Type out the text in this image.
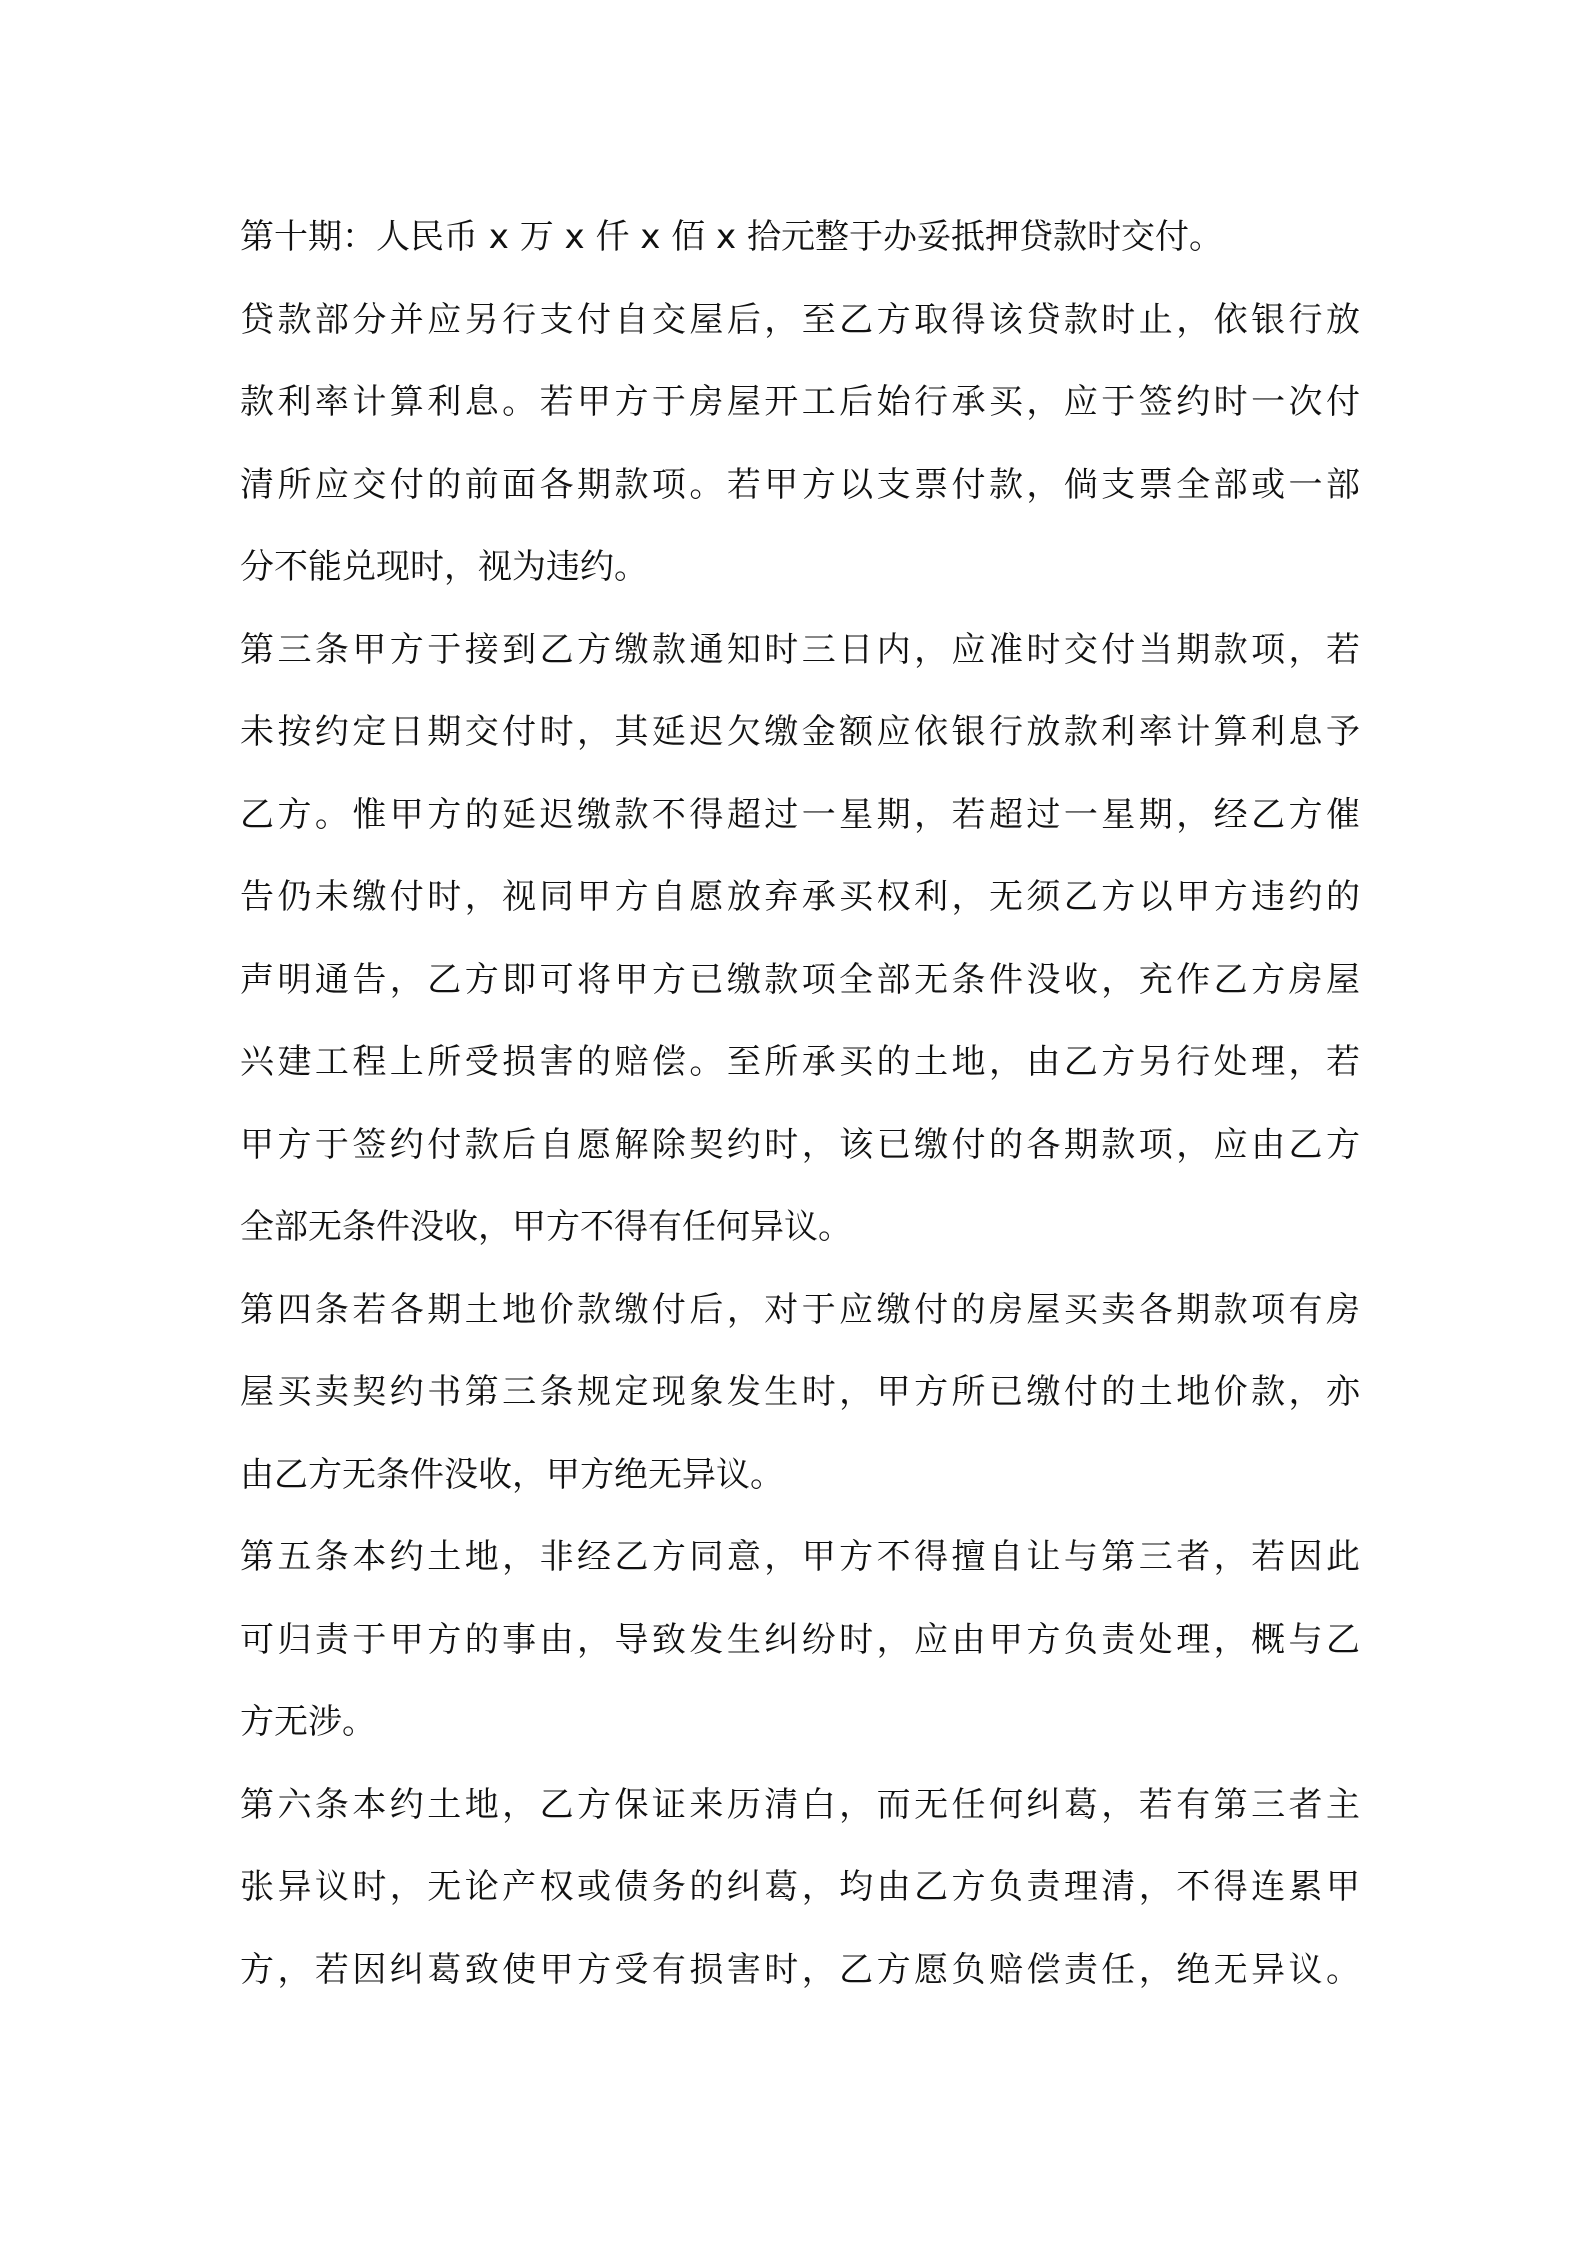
第十期：人民币 x 万 x 仟 x 佰 x 拾元整于办妥抵押贷款时交付。
贷款部分并应另行支付自交屋后，至乙方取得该贷款时止，依银行放
款利率计算利息。若甲方于房屋开工后始行承买，应于签约时一次付
清所应交付的前面各期款项。若甲方以支票付款，倘支票全部或一部
分不能兑现时，视为违约。
第三条甲方于接到乙方缴款通知时三日内，应准时交付当期款项，若
未按约定日期交付时，其延迟欠缴金额应依银行放款利率计算利息予
乙方。惟甲方的延迟缴款不得超过一星期，若超过一星期，经乙方催
告仍未缴付时，视同甲方自愿放弃承买权利，无须乙方以甲方违约的
声明通告，乙方即可将甲方已缴款项全部无条件没收，充作乙方房屋
兴建工程上所受损害的赔偿。至所承买的土地，由乙方另行处理，若
甲方于签约付款后自愿解除契约时，该已缴付的各期款项，应由乙方
全部无条件没收，甲方不得有任何异议。
第四条若各期土地价款缴付后，对于应缴付的房屋买卖各期款项有房
屋买卖契约书第三条规定现象发生时，甲方所已缴付的土地价款，亦
由乙方无条件没收，甲方绝无异议。
第五条本约土地，非经乙方同意，甲方不得擅自让与第三者，若因此
可归责于甲方的事由，导致发生纠纷时，应由甲方负责处理，概与乙
方无涉。
第六条本约土地，乙方保证来历清白，而无任何纠葛，若有第三者主
张异议时，无论产权或债务的纠葛，均由乙方负责理清，不得连累甲
方，若因纠葛致使甲方受有损害时，乙方愿负赔偿责任，绝无异议。
